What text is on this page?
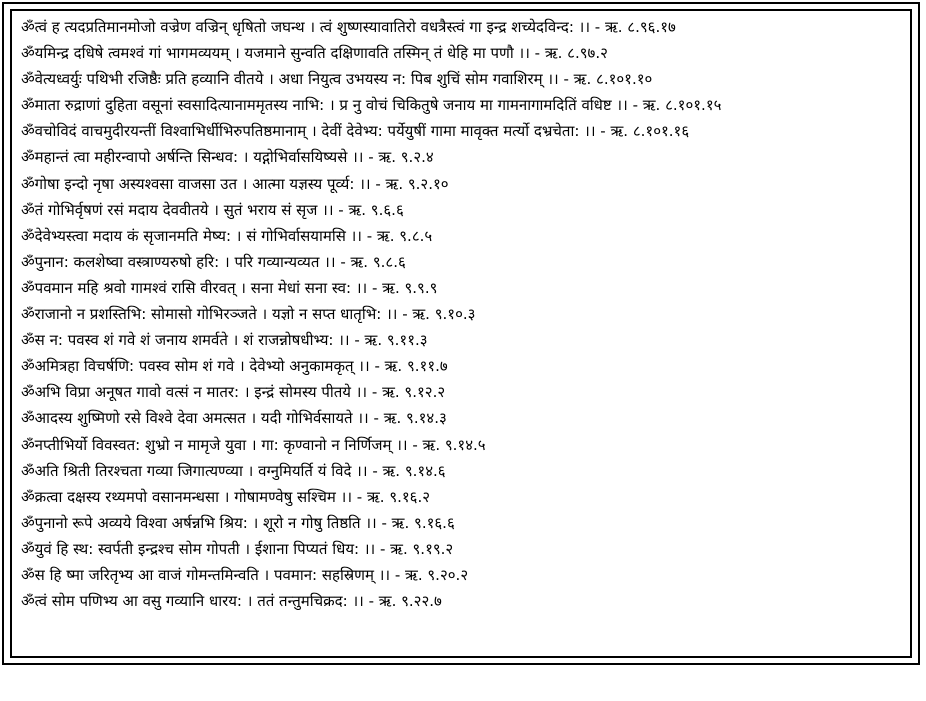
ॐत्वं ह त्यदप्रतिमानमोजो वज्रेण वज्रिन् धृषितो जघन्थ । त्वं शुष्णस्यावातिरो वधत्रैस्त्वं गा इन्द्र शच्येदविन्द: ।। - ऋ. ८.९६.१७
ॐयमिन्द्र दधिषे त्वमश्वं गां भागमव्ययम् । यजमाने सुन्वति दक्षिणावति तस्मिन् तं धेहि मा पणौ ।। - ऋ. ८.९७.२
ॐवेत्यध्वर्युः पथिभी रजिष्ठैः प्रति हव्यानि वीतये । अधा नियुत्व उभयस्य न: पिब शुचिं सोम गवाशिरम् ।। - ऋ. ८.१०१.१०
ॐमाता रुद्राणां दुहिता वसूनां स्वसादित्यानाममृतस्य नाभि: । प्र नु वोचं चिकितुषे जनाय मा गामनागामदितिं वधिष्ट ।। - ऋ. ८.१०१.१५
ॐवचोविदं वाचमुदीरयन्तीं विश्वाभिर्धीभिरुपतिष्ठमानाम् । देवीं देवेभ्य: पर्येयुषीं गामा मावृक्त मर्त्यो दभ्रचेता: ।। - ऋ. ८.१०१.१६
ॐमहान्तं त्वा महीरन्वापो अर्षन्ति सिन्धव: । यद्गोभिर्वासयिष्यसे ।। - ऋ. ९.२.४
ॐगोषा इन्दो नृषा अस्यश्वसा वाजसा उत । आत्मा यज्ञस्य पूर्व्य: ।। - ऋ. ९.२.१०
ॐतं गोभिर्वृषणं रसं मदाय देववीतये । सुतं भराय सं सृज ।। - ऋ. ९.६.६
ॐदेवेभ्यस्त्वा मदाय कं सृजानमति मेष्य: । सं गोभिर्वासयामसि ।। - ऋ. ९.८.५
ॐपुनान: कलशेष्वा वस्त्राण्यरुषो हरि: । परि गव्यान्यव्यत ।। - ऋ. ९.८.६
ॐपवमान महि श्रवो गामश्वं रासि वीरवत् । सना मेधां सना स्व: ।। - ऋ. ९.९.९
ॐराजानो न प्रशस्तिभि: सोमासो गोभिरञ्जते । यज्ञो न सप्त धातृभि: ।। - ऋ. ९.१०.३
ॐस न: पवस्व शं गवे शं जनाय शमर्वते । शं राजन्नोषधीभ्य: ।। - ऋ. ९.११.३
ॐअमित्रहा विचर्षणि: पवस्व सोम शं गवे । देवेभ्यो अनुकामकृत् ।। - ऋ. ९.११.७
ॐअभि विप्रा अनूषत गावो वत्सं न मातर: । इन्द्रं सोमस्य पीतये ।। - ऋ. ९.१२.२
ॐआदस्य शुष्मिणो रसे विश्वे देवा अमत्सत । यदी गोभिर्वसायते ।। - ऋ. ९.१४.३
ॐनप्तीभिर्यो विवस्वत: शुभ्रो न मामृजे युवा । गा: कृण्वानो न निर्णिजम् ।। - ऋ. ९.१४.५
ॐअति श्रिती तिरश्चता गव्या जिगात्यण्व्या । वग्नुमियर्ति यं विदे ।। - ऋ. ९.१४.६
ॐक्रत्वा दक्षस्य रथ्यमपो वसानमन्धसा । गोषामण्वेषु सश्चिम ।। - ऋ. ९.१६.२
ॐपुनानो रूपे अव्यये विश्वा अर्षन्नभि श्रिय: । शूरो न गोषु तिष्ठति ।। - ऋ. ९.१६.६
ॐयुवं हि स्थ: स्वर्पती इन्द्रश्च सोम गोपती । ईशाना पिप्यतं धिय: ।। - ऋ. ९.१९.२
ॐस हि ष्मा जरितृभ्य आ वाजं गोमन्तमिन्वति । पवमान: सहस्रिणम् ।। - ऋ. ९.२०.२
ॐत्वं सोम पणिभ्य आ वसु गव्यानि धारय: । ततं तन्तुमचिक्रद: ।। - ऋ. ९.२२.७
